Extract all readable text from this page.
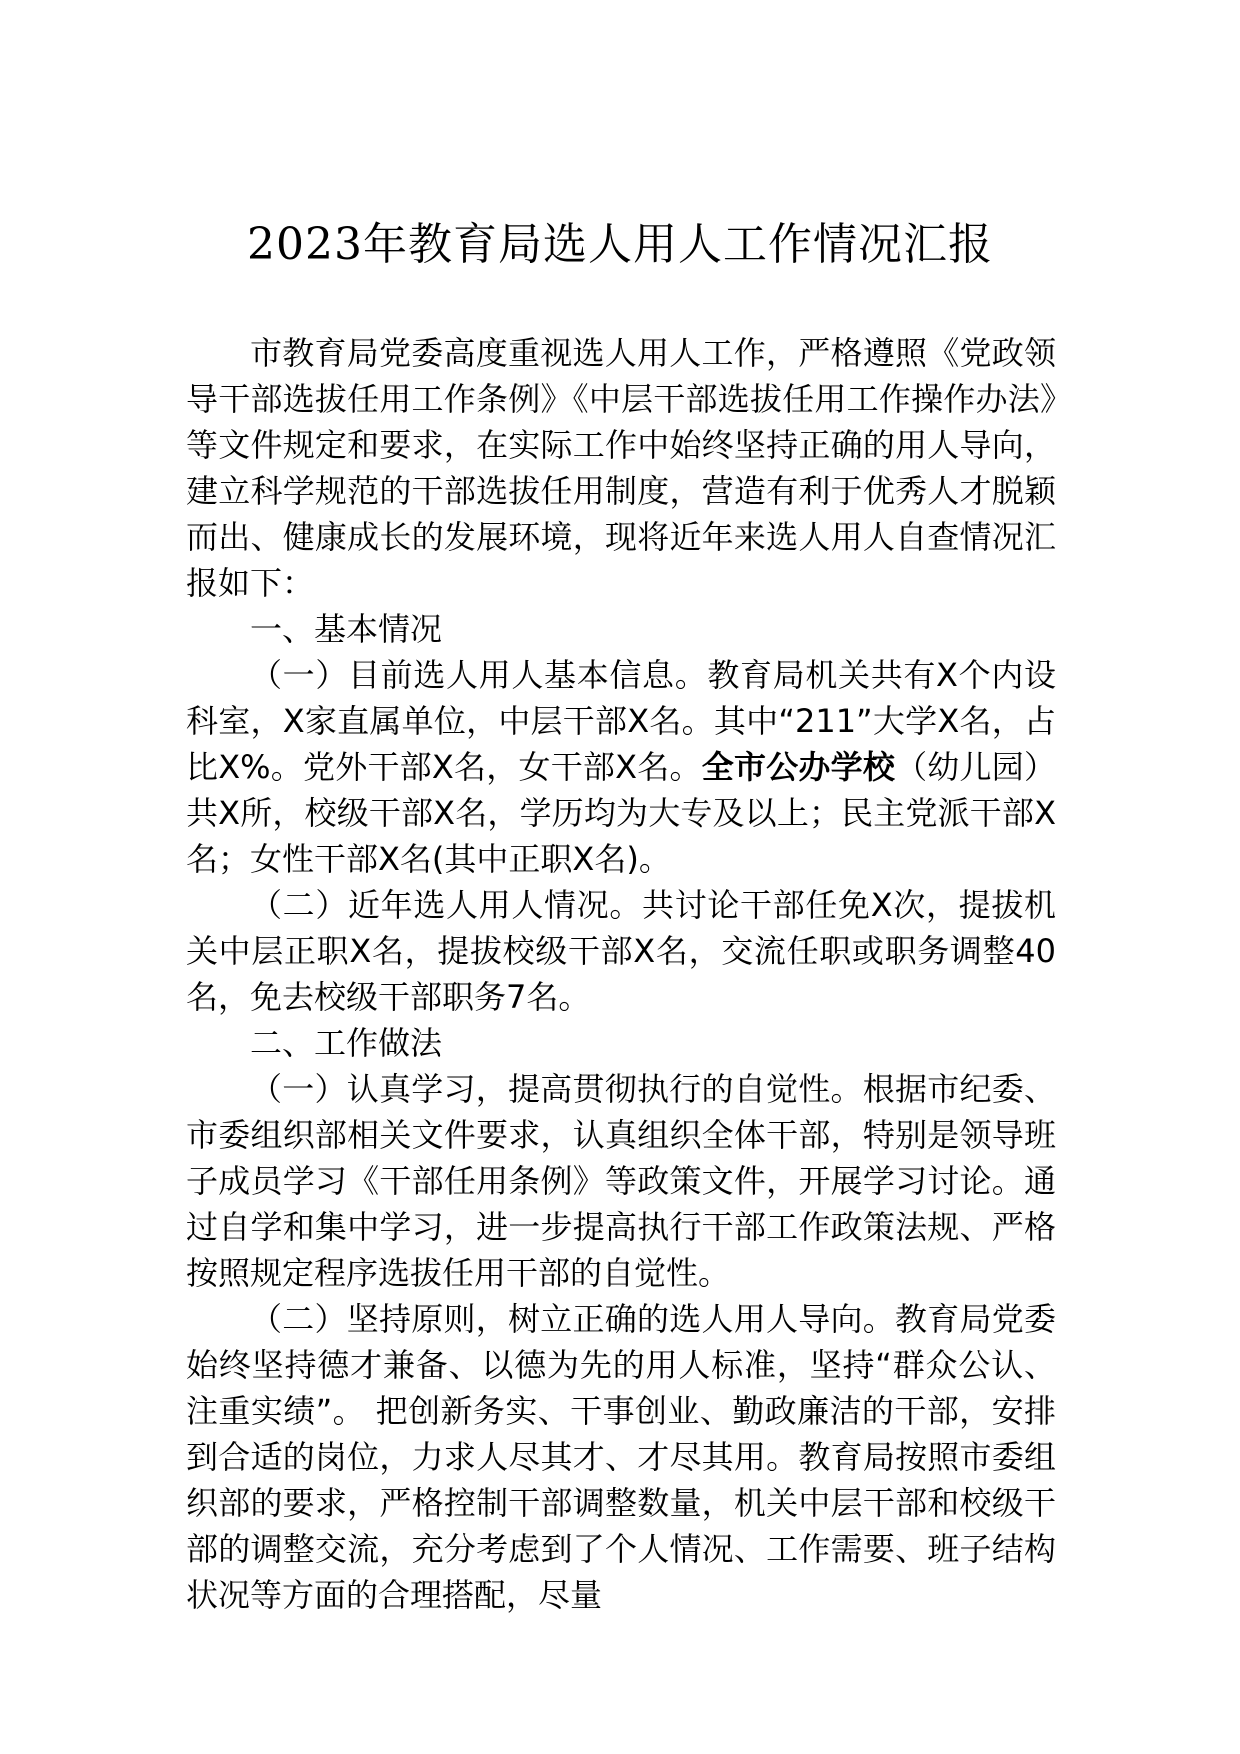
2023年教育局选人用人工作情况汇报

市教育局党委高度重视选人用人工作，严格遵照《党政领导干部选拔任用工作条例》《中层干部选拔任用工作操作办法》等文件规定和要求，在实际工作中始终坚持正确的用人导向，建立科学规范的干部选拔任用制度，营造有利于优秀人才脱颖而出、健康成长的发展环境，现将近年来选人用人自查情况汇报如下：

一、基本情况

（一）目前选人用人基本信息。教育局机关共有X个内设科室，X家直属单位，中层干部X名。其中“211”大学X名，占比X%。党外干部X名，女干部X名。全市公办学校（幼儿园）共X所，校级干部X名，学历均为大专及以上；民主党派干部X名；女性干部X名(其中正职X名)。

（二）近年选人用人情况。共讨论干部任免X次，提拔机关中层正职X名，提拔校级干部X名，交流任职或职务调整40名，免去校级干部职务7名。

二、工作做法

（一）认真学习，提高贯彻执行的自觉性。根据市纪委、市委组织部相关文件要求，认真组织全体干部，特别是领导班子成员学习《干部任用条例》等政策文件，开展学习讨论。通过自学和集中学习，进一步提高执行干部工作政策法规、严格按照规定程序选拔任用干部的自觉性。

（二）坚持原则，树立正确的选人用人导向。教育局党委始终坚持德才兼备、以德为先的用人标准，坚持“群众公认、注重实绩”。 把创新务实、干事创业、勤政廉洁的干部，安排到合适的岗位，力求人尽其才、才尽其用。教育局按照市委组织部的要求，严格控制干部调整数量，机关中层干部和校级干部的调整交流，充分考虑到了个人情况、工作需要、班子结构状况等方面的合理搭配，尽量
